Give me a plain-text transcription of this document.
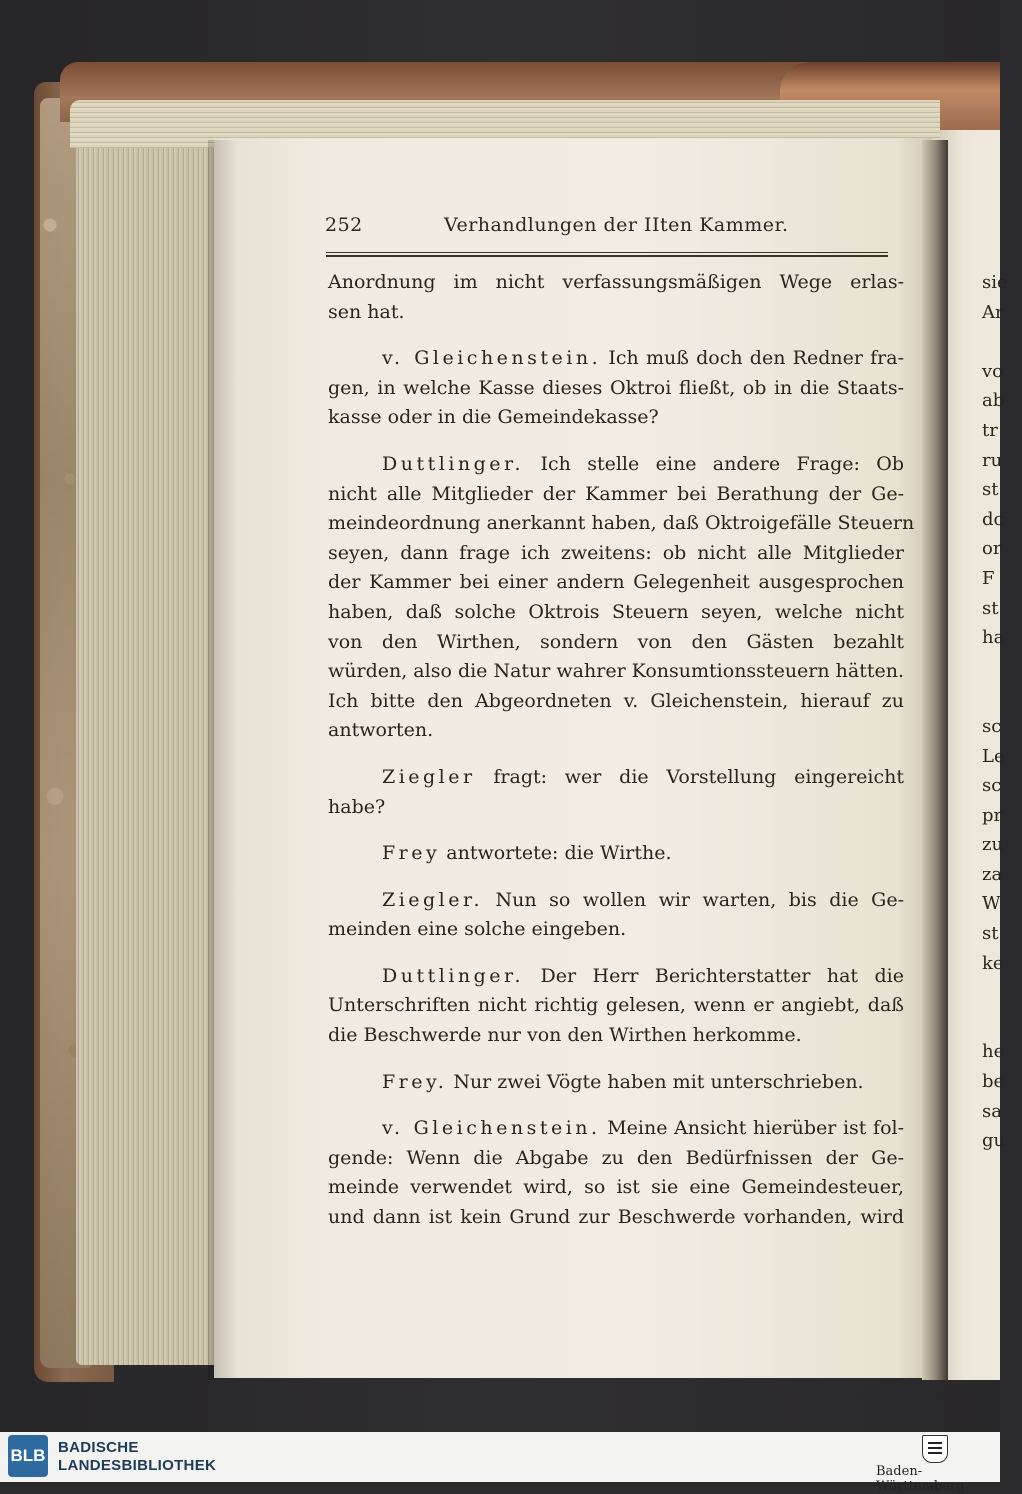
252	Verhandlungen der IIten Kammer.

Anordnung im nicht verfassungsmäßigen Wege erlas-
sen hat.

v. Gleichenstein. Ich muß doch den Redner fra-
gen, in welche Kasse dieses Oktroi fließt, ob in die Staats-
kasse oder in die Gemeindekasse?

Duttlinger. Ich stelle eine andere Frage: Ob
nicht alle Mitglieder der Kammer bei Berathung der Ge-
meindeordnung anerkannt haben, daß Oktroigefälle Steuern
seyen, dann frage ich zweitens: ob nicht alle Mitglieder
der Kammer bei einer andern Gelegenheit ausgesprochen
haben, daß solche Oktrois Steuern seyen, welche nicht
von den Wirthen, sondern von den Gästen bezahlt
würden, also die Natur wahrer Konsumtionssteuern hätten.
Ich bitte den Abgeordneten v. Gleichenstein, hierauf zu
antworten.

Ziegler fragt: wer die Vorstellung eingereicht
habe?

Frey antwortete: die Wirthe.

Ziegler. Nun so wollen wir warten, bis die Ge-
meinden eine solche eingeben.

Duttlinger. Der Herr Berichterstatter hat die
Unterschriften nicht richtig gelesen, wenn er angiebt, daß
die Beschwerde nur von den Wirthen herkomme.

Frey. Nur zwei Vögte haben mit unterschrieben.

v. Gleichenstein. Meine Ansicht hierüber ist fol-
gende: Wenn die Abgabe zu den Bedürfnissen der Ge-
meinde verwendet wird, so ist sie eine Gemeindesteuer,
und dann ist kein Grund zur Beschwerde vorhanden, wird

sie
Ar
vo
ab
tr
ru
st
dc
or
F
st
ha
sc
Le
sc
pr
zu
za
W
st
ke
he
be
sa
gu
BLB BADISCHE
LANDESBIBLIOTHEK	Baden-Württemberg
